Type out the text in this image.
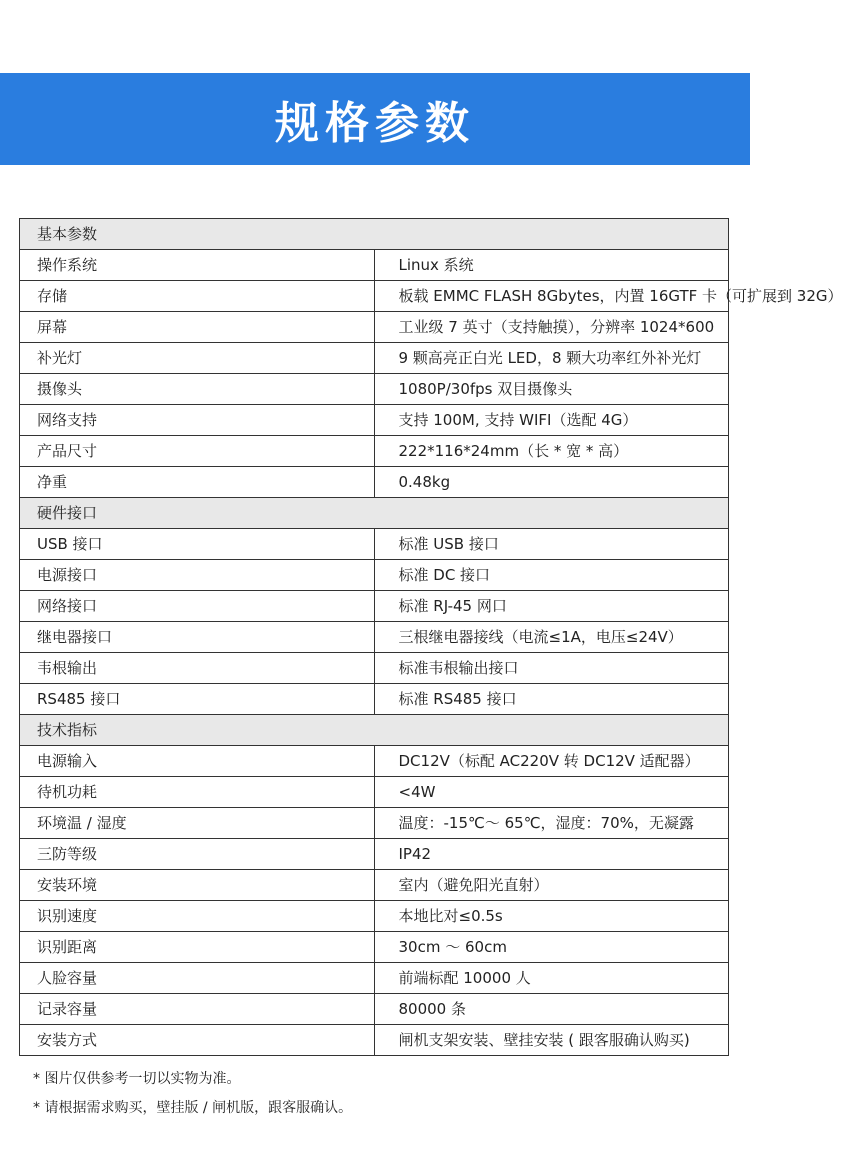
规格参数
基本参数	
操作系统	Linux 系统
存储	板载 EMMC FLASH 8Gbytes，内置 16GTF 卡（可扩展到 32G）
屏幕	工业级 7 英寸（支持触摸），分辨率 1024*600
补光灯	9 颗高亮正白光 LED，8 颗大功率红外补光灯
摄像头	1080P/30fps 双目摄像头
网络支持	支持 100M, 支持 WIFI（选配 4G）
产品尺寸	222*116*24mm（长 * 宽 * 高）
净重	0.48kg
硬件接口	
USB 接口	标准 USB 接口
电源接口	标准 DC 接口
网络接口	标准 RJ-45 网口
继电器接口	三根继电器接线（电流≤1A，电压≤24V）
韦根输出	标准韦根输出接口
RS485 接口	标准 RS485 接口
技术指标	
电源输入	DC12V（标配 AC220V 转 DC12V 适配器）
待机功耗	<4W
环境温 / 湿度	温度：-15℃～ 65℃，湿度：70%，无凝露
三防等级	IP42
安装环境	室内（避免阳光直射）
识别速度	本地比对≤0.5s
识别距离	30cm ～ 60cm
人脸容量	前端标配 10000 人
记录容量	80000 条
安装方式	闸机支架安装、壁挂安装 ( 跟客服确认购买)
* 图片仅供参考一切以实物为准。
* 请根据需求购买，壁挂版 / 闸机版，跟客服确认。
